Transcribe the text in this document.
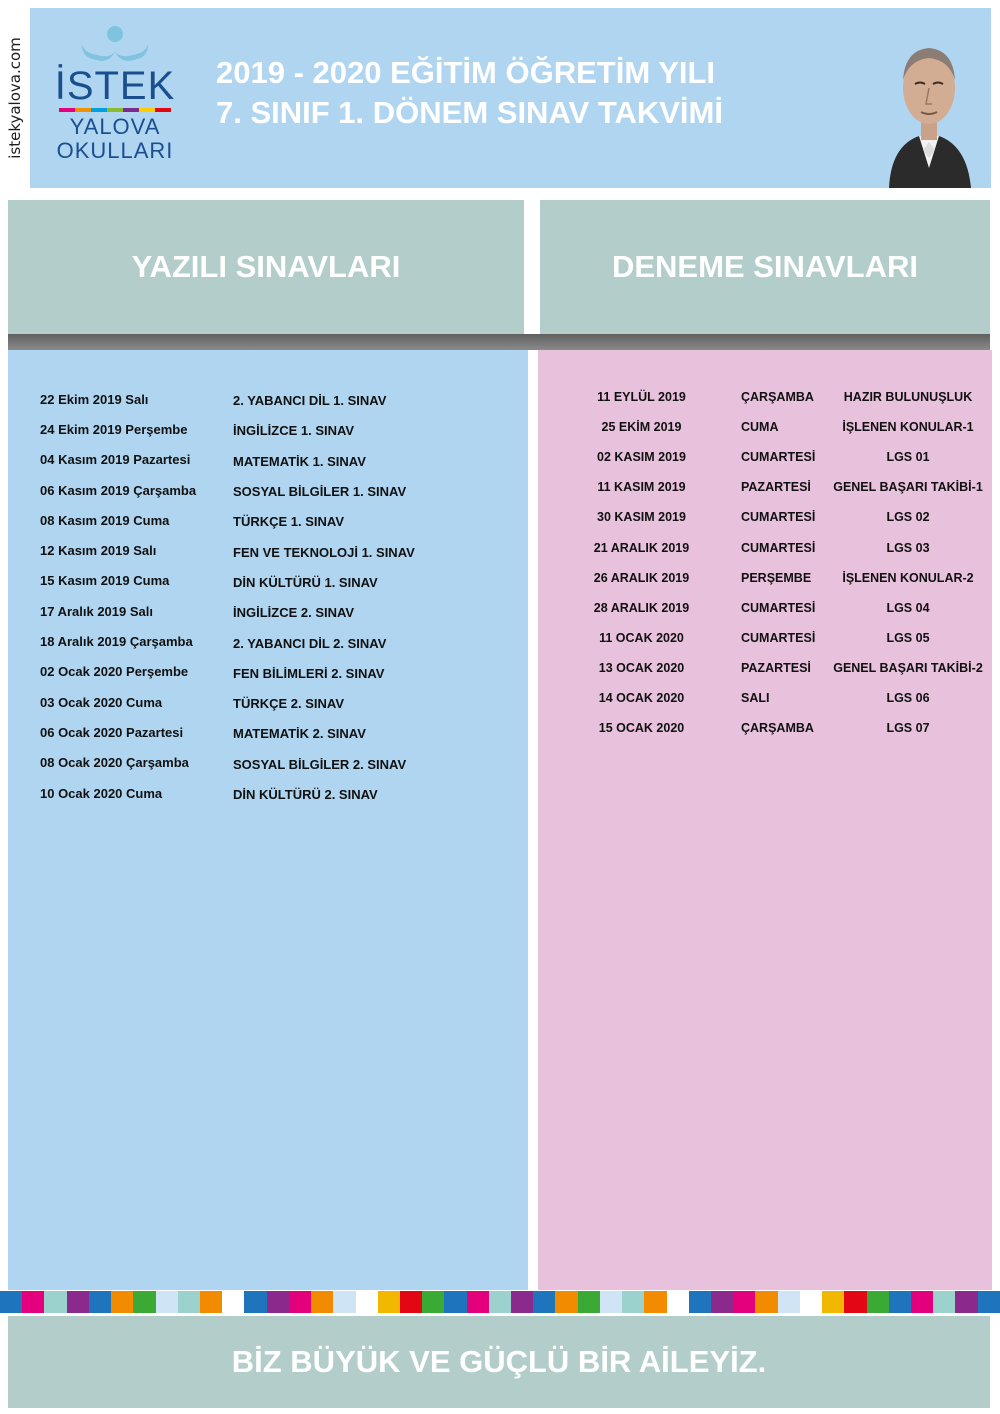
istekyalova.com İSTEK
YALOVA
OKULLARI
2019 - 2020 EĞİTİM ÖĞRETİM YILI
7. SINIF 1. DÖNEM SINAV TAKVİMİ
YAZILI SINAVLARI	DENEME SINAVLARI
22 Ekim 2019 Salı	2. YABANCI DİL 1. SINAV
24 Ekim 2019 Perşembe	İNGİLİZCE 1. SINAV
04 Kasım 2019 Pazartesi	MATEMATİK 1. SINAV
06 Kasım 2019 Çarşamba	SOSYAL BİLGİLER 1. SINAV
08 Kasım 2019 Cuma	TÜRKÇE 1. SINAV
12 Kasım 2019 Salı	FEN VE TEKNOLOJİ 1. SINAV
15 Kasım 2019 Cuma	DİN KÜLTÜRÜ 1. SINAV
17 Aralık 2019 Salı	İNGİLİZCE 2. SINAV
18 Aralık 2019 Çarşamba	2. YABANCI DİL 2. SINAV
02 Ocak 2020 Perşembe	FEN BİLİMLERİ 2. SINAV
03 Ocak 2020 Cuma	TÜRKÇE 2. SINAV
06 Ocak 2020 Pazartesi	MATEMATİK 2. SINAV
08 Ocak 2020 Çarşamba	SOSYAL BİLGİLER 2. SINAV
10 Ocak 2020 Cuma	DİN KÜLTÜRÜ 2. SINAV
11 EYLÜL 2019	ÇARŞAMBA	HAZIR BULUNUŞLUK
25 EKİM 2019	CUMA	İŞLENEN KONULAR-1
02 KASIM 2019	CUMARTESİ	LGS 01
11 KASIM 2019	PAZARTESİ	GENEL BAŞARI TAKİBİ-1
30 KASIM 2019	CUMARTESİ	LGS 02
21 ARALIK 2019	CUMARTESİ	LGS 03
26 ARALIK 2019	PERŞEMBE	İŞLENEN KONULAR-2
28 ARALIK 2019	CUMARTESİ	LGS 04
11 OCAK 2020	CUMARTESİ	LGS 05
13 OCAK 2020	PAZARTESİ	GENEL BAŞARI TAKİBİ-2
14 OCAK 2020	SALI	LGS 06
15 OCAK 2020	ÇARŞAMBA	LGS 07
BİZ BÜYÜK VE GÜÇLÜ BİR AİLEYİZ.
